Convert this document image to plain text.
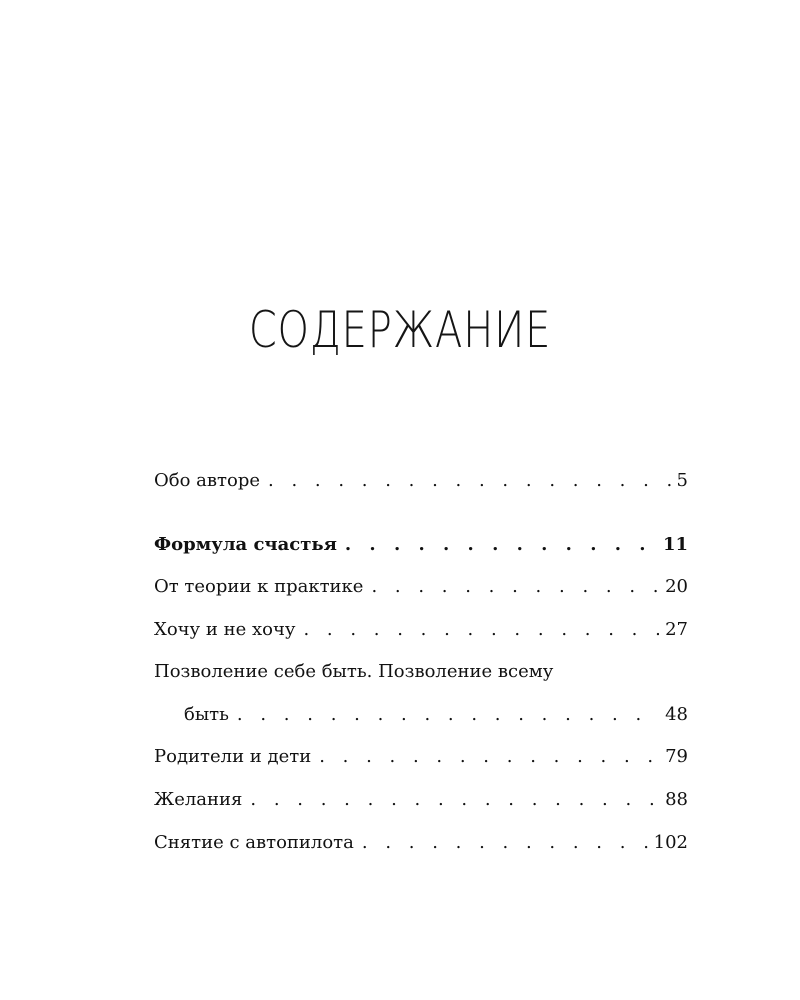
СОДЕРЖАНИЕ
Обо авторе . . .	5
Формула счастья . . .	11
От теории к практике . . .	20
Хочу и не хочу . . .	27
Позволение себе быть. Позволение всему
быть . . .	48
Родители и дети . . .	79
Желания . . .	88
Снятие с автопилота . . .	102
